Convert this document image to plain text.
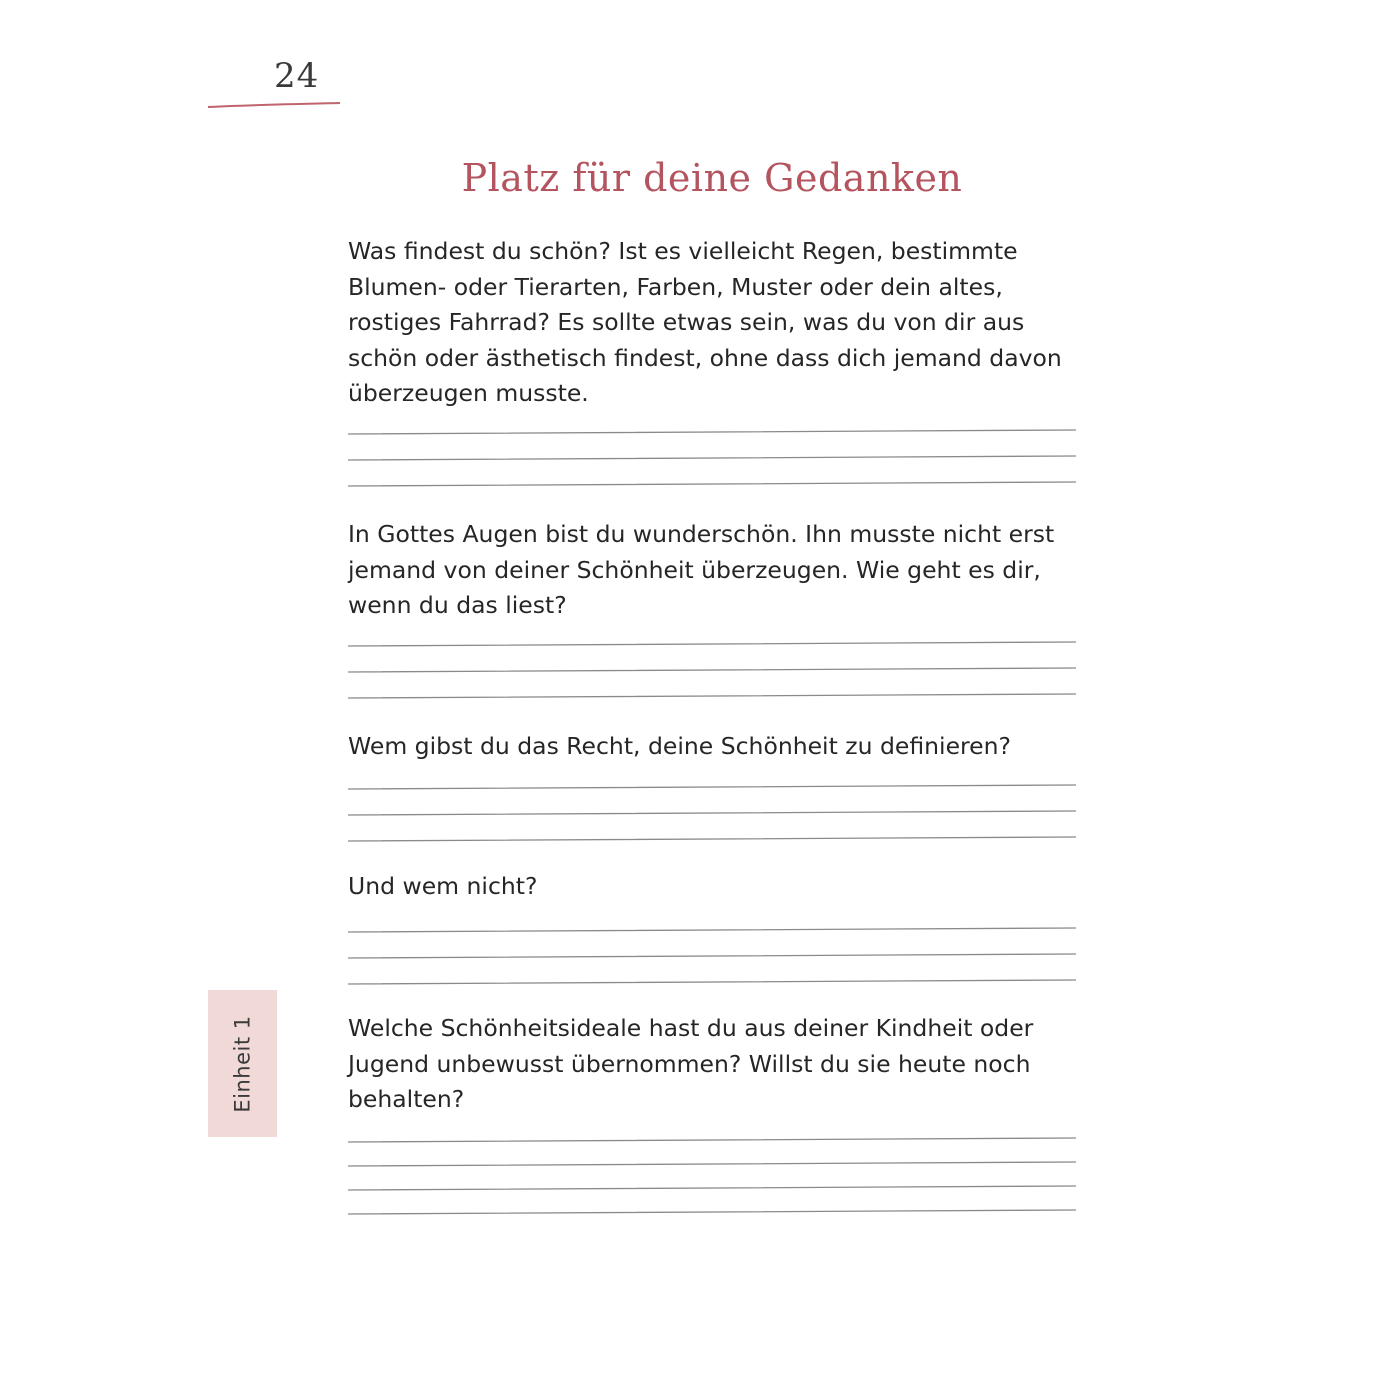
24
Platz für deine Gedanken

Was findest du schön? Ist es vielleicht Regen, bestimmte Blumen- oder Tierarten, Farben, Muster oder dein altes, rostiges Fahrrad? Es sollte etwas sein, was du von dir aus schön oder ästhetisch findest, ohne dass dich jemand davon überzeugen musste.

In Gottes Augen bist du wunderschön. Ihn musste nicht erst jemand von deiner Schönheit überzeugen. Wie geht es dir, wenn du das liest?

Wem gibst du das Recht, deine Schönheit zu definieren?

Und wem nicht?

Welche Schönheitsideale hast du aus deiner Kindheit oder Jugend unbewusst übernommen? Willst du sie heute noch behalten?

Einheit 1
